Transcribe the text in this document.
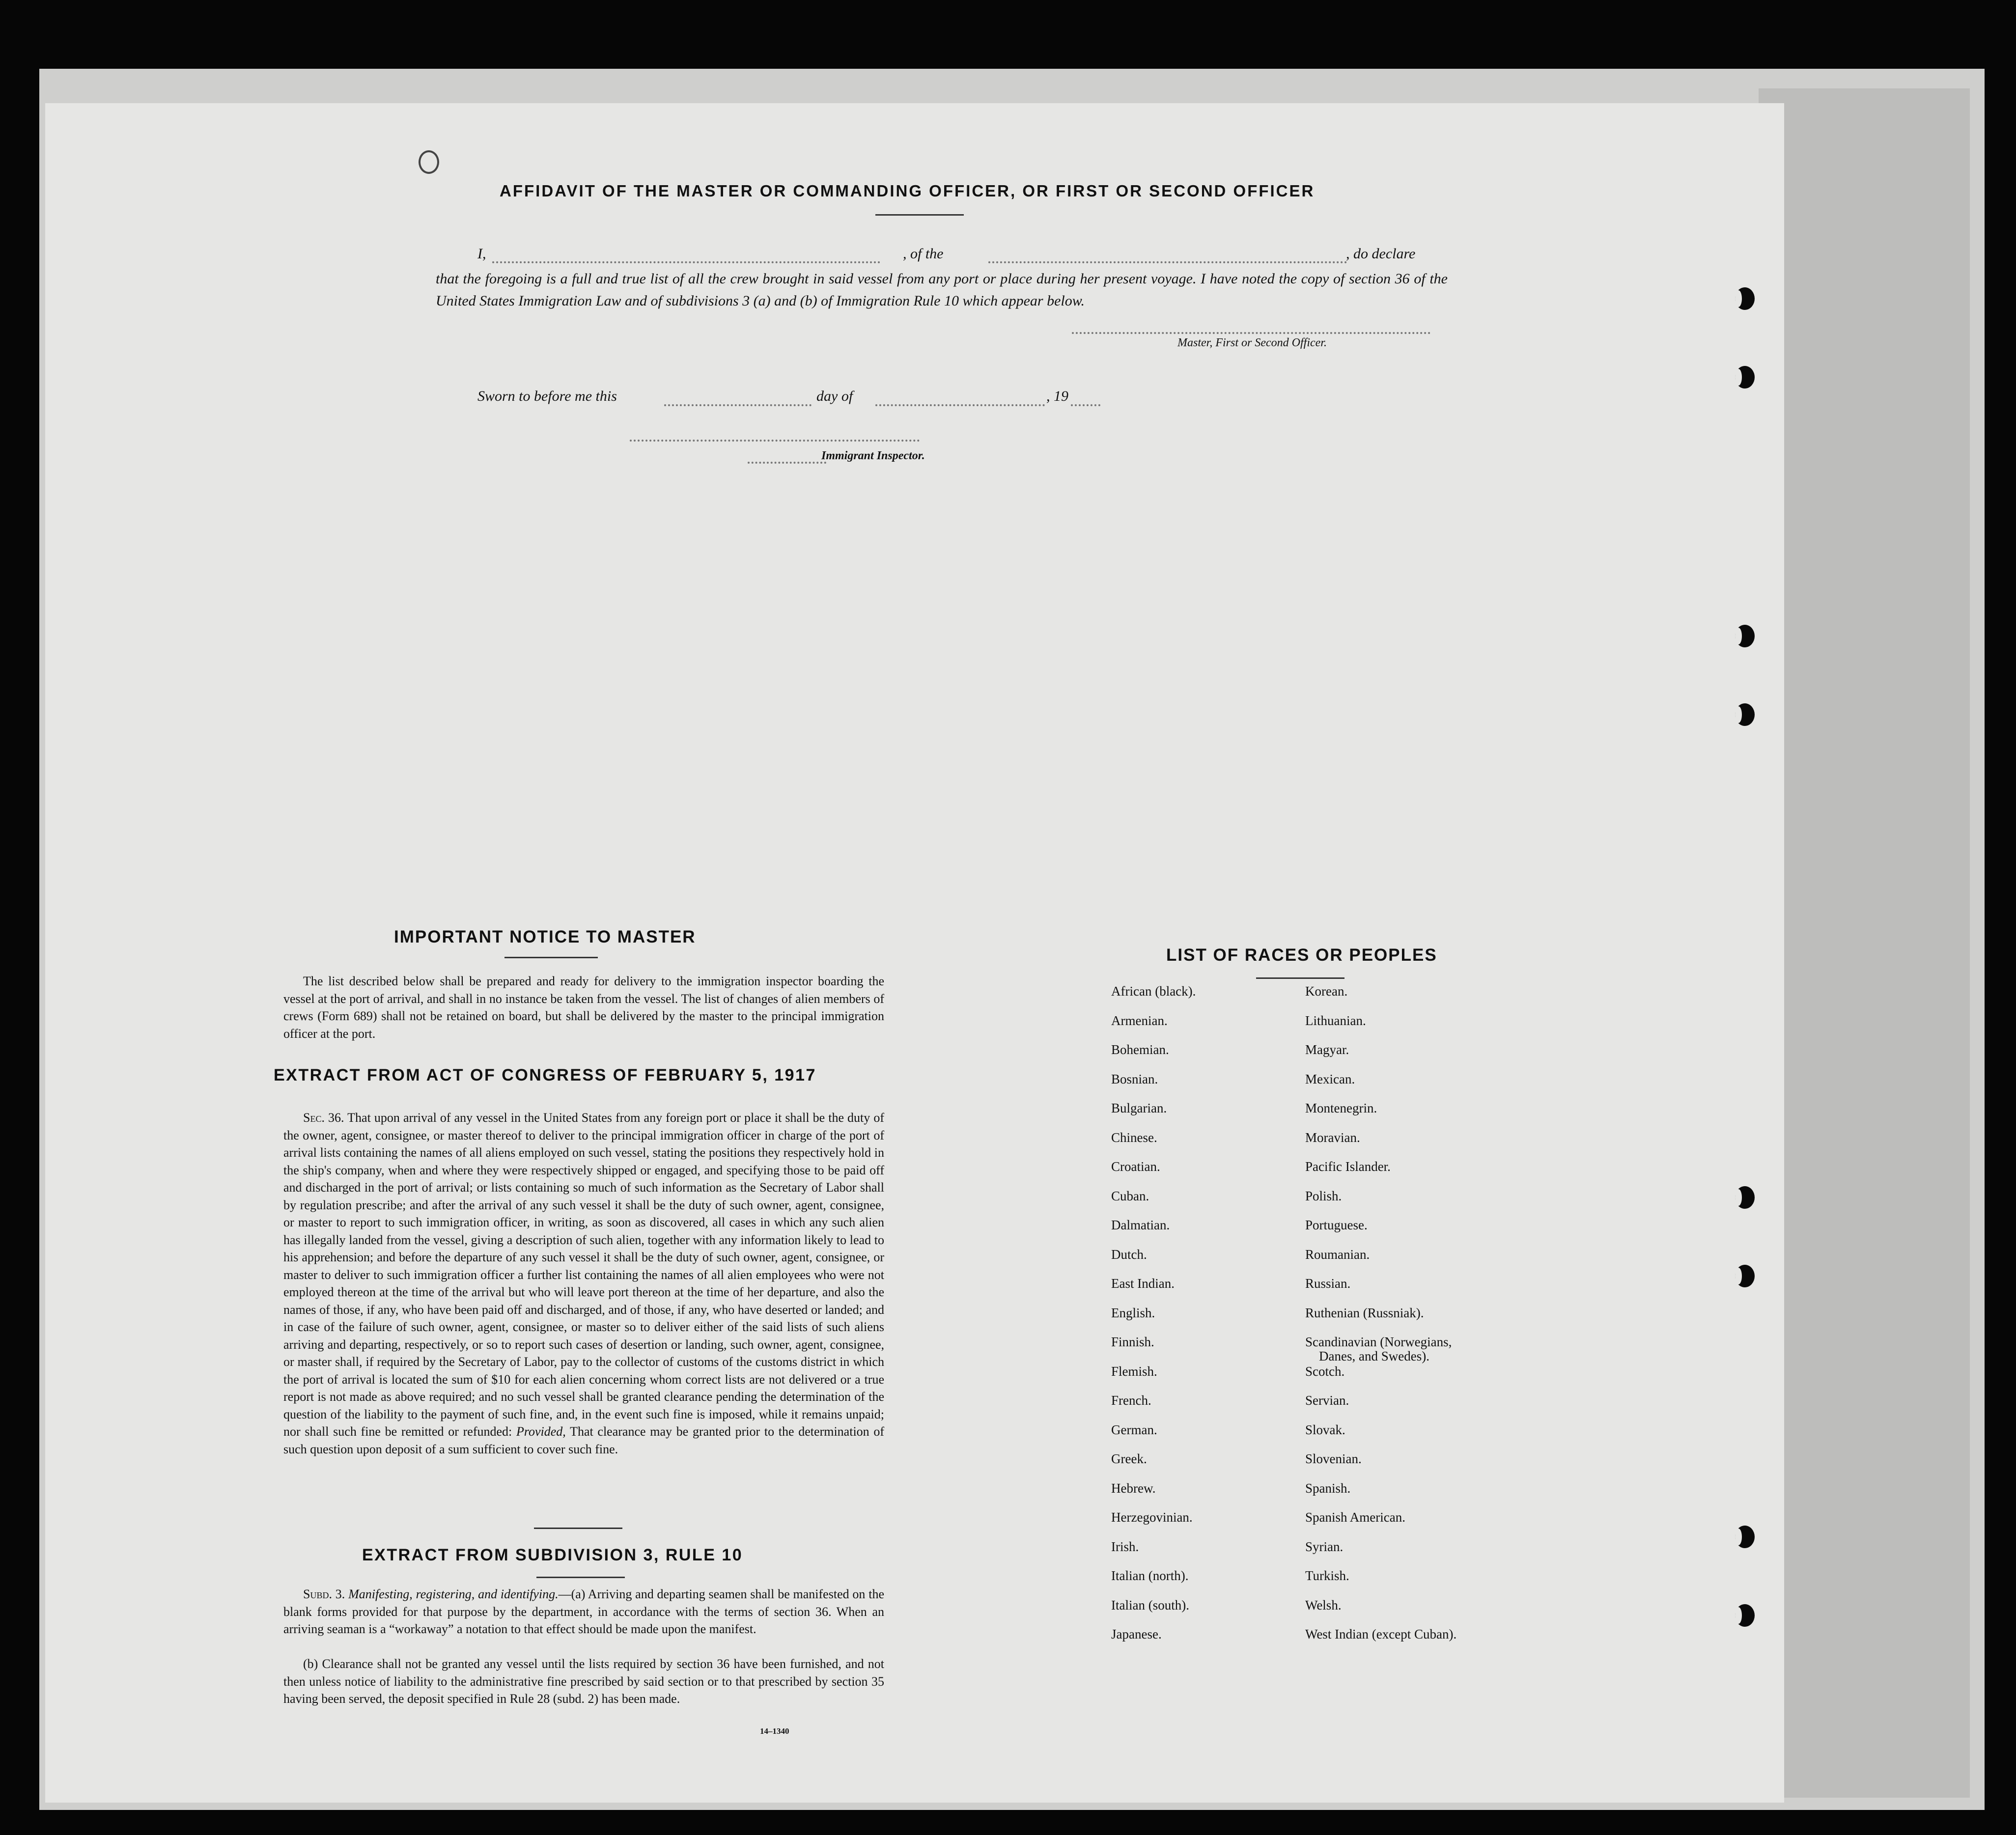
AFFIDAVIT OF THE MASTER OR COMMANDING OFFICER, OR FIRST OR SECOND OFFICER
I,	, of the	, do declare
that the foregoing is a full and true list of all the crew brought in said vessel from any port or place during her present voyage. I have noted the copy of section 36 of the United States Immigration Law and of subdivisions 3 (a) and (b) of Immigration Rule 10 which appear below.
Master, First or Second Officer.
Sworn to before me this	day of	, 19
Immigrant Inspector.
IMPORTANT NOTICE TO MASTER
The list described below shall be prepared and ready for delivery to the immigration inspector boarding the vessel at the port of arrival, and shall in no instance be taken from the vessel. The list of changes of alien members of crews (Form 689) shall not be retained on board, but shall be delivered by the master to the principal immigration officer at the port.
EXTRACT FROM ACT OF CONGRESS OF FEBRUARY 5, 1917
Sec. 36. That upon arrival of any vessel in the United States from any foreign port or place it shall be the duty of the owner, agent, consignee, or master thereof to deliver to the principal immigration officer in charge of the port of arrival lists containing the names of all aliens employed on such vessel, stating the positions they respectively hold in the ship's company, when and where they were respectively shipped or engaged, and specifying those to be paid off and discharged in the port of arrival; or lists containing so much of such information as the Secretary of Labor shall by regulation prescribe; and after the arrival of any such vessel it shall be the duty of such owner, agent, consignee, or master to report to such immigration officer, in writing, as soon as discovered, all cases in which any such alien has illegally landed from the vessel, giving a description of such alien, together with any information likely to lead to his apprehension; and before the departure of any such vessel it shall be the duty of such owner, agent, consignee, or master to deliver to such immigration officer a further list containing the names of all alien employees who were not employed thereon at the time of the arrival but who will leave port thereon at the time of her departure, and also the names of those, if any, who have been paid off and discharged, and of those, if any, who have deserted or landed; and in case of the failure of such owner, agent, consignee, or master so to deliver either of the said lists of such aliens arriving and departing, respectively, or so to report such cases of desertion or landing, such owner, agent, consignee, or master shall, if required by the Secretary of Labor, pay to the collector of customs of the customs district in which the port of arrival is located the sum of $10 for each alien concerning whom correct lists are not delivered or a true report is not made as above required; and no such vessel shall be granted clearance pending the determination of the question of the liability to the payment of such fine, and, in the event such fine is imposed, while it remains unpaid; nor shall such fine be remitted or refunded: Provided, That clearance may be granted prior to the determination of such question upon deposit of a sum sufficient to cover such fine.
EXTRACT FROM SUBDIVISION 3, RULE 10
Subd. 3. Manifesting, registering, and identifying.—(a) Arriving and departing seamen shall be manifested on the blank forms provided for that purpose by the department, in accordance with the terms of section 36. When an arriving seaman is a “workaway” a notation to that effect should be made upon the manifest.
(b) Clearance shall not be granted any vessel until the lists required by section 36 have been furnished, and not then unless notice of liability to the administrative fine prescribed by said section or to that prescribed by section 35 having been served, the deposit specified in Rule 28 (subd. 2) has been made.
14–1340
LIST OF RACES OR PEOPLES
African (black).
Armenian.
Bohemian.
Bosnian.
Bulgarian.
Chinese.
Croatian.
Cuban.
Dalmatian.
Dutch.
East Indian.
English.
Finnish.
Flemish.
French.
German.
Greek.
Hebrew.
Herzegovinian.
Irish.
Italian (north).
Italian (south).
Japanese.
Korean.
Lithuanian.
Magyar.
Mexican.
Montenegrin.
Moravian.
Pacific Islander.
Polish.
Portuguese.
Roumanian.
Russian.
Ruthenian (Russniak).
Scandinavian (Norwegians,
Scotch.
Servian.
Slovak.
Slovenian.
Spanish.
Spanish American.
Syrian.
Turkish.
Welsh.
West Indian (except Cuban).
Danes, and Swedes).
